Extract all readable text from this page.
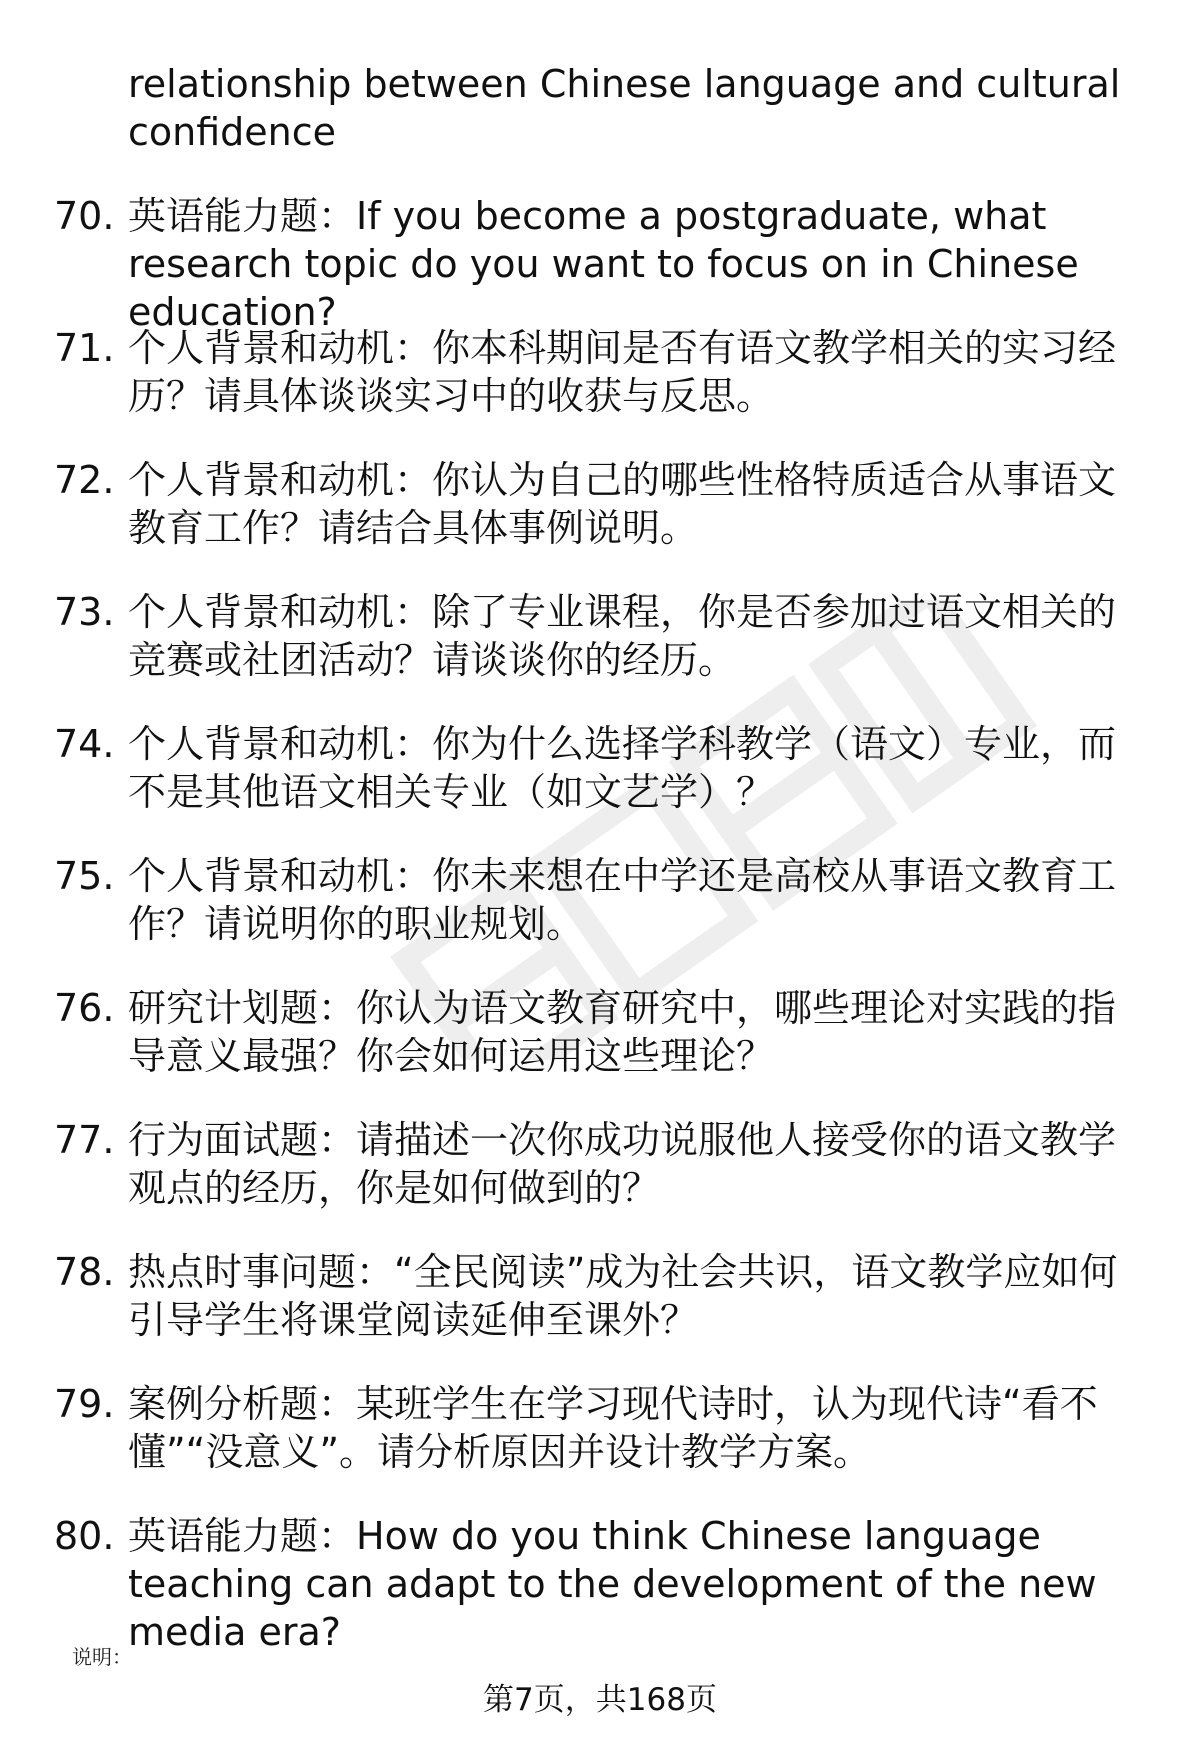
relationship between Chinese language and cultural confidence
70. 英语能力题：If you become a postgraduate, what research topic do you want to focus on in Chinese education?
71. 个人背景和动机：你本科期间是否有语文教学相关的实习经历？请具体谈谈实习中的收获与反思。
72. 个人背景和动机：你认为自己的哪些性格特质适合从事语文教育工作？请结合具体事例说明。
73. 个人背景和动机：除了专业课程，你是否参加过语文相关的竞赛或社团活动？请谈谈你的经历。
74. 个人背景和动机：你为什么选择学科教学（语文）专业，而不是其他语文相关专业（如文艺学）？
75. 个人背景和动机：你未来想在中学还是高校从事语文教育工作？请说明你的职业规划。
76. 研究计划题：你认为语文教育研究中，哪些理论对实践的指导意义最强？你会如何运用这些理论？
77. 行为面试题：请描述一次你成功说服他人接受你的语文教学观点的经历，你是如何做到的？
78. 热点时事问题：“全民阅读”成为社会共识，语文教学应如何引导学生将课堂阅读延伸至课外？
79. 案例分析题：某班学生在学习现代诗时，认为现代诗“看不懂”“没意义”。请分析原因并设计教学方案。
80. 英语能力题：How do you think Chinese language teaching can adapt to the development of the new media era?
说明：
第7页，共168页
